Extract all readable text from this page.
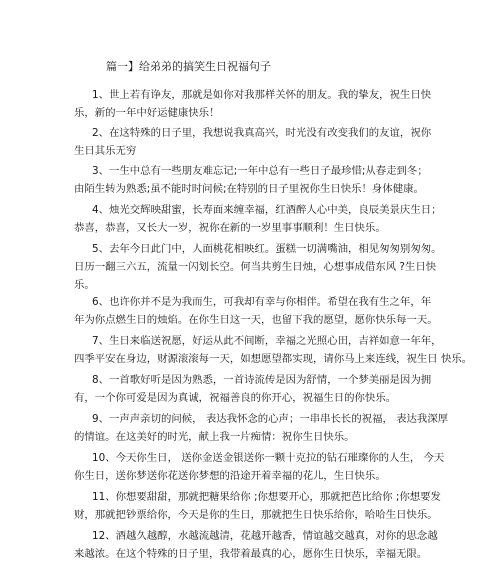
篇一】给弟弟的搞笑生日祝福句子
1、世上若有诤友，那就是如你对我那样关怀的朋友。我的挚友，祝生日快
乐，新的一年中好运健康快乐！
2、在这特殊的日子里，我想说我真高兴，时光没有改变我们的友谊，祝你
生日其乐无穷
3、一生中总有一些朋友难忘记;一年中总有一些日子最珍惜;从春走到冬；
由陌生转为熟悉;虽不能时时问候;在特别的日子里祝你生日快乐！身体健康。
4、烛光交辉映甜蜜，长寿面来缠幸福，红酒醉人心中美，良辰美景庆生日；
恭喜，恭喜，又长大一岁，祝你在新的一岁里事事顺利！生日快乐。
5、去年今日此门中，人面桃花相映红。蛋糕一切满嘴油，相见匆匆别匆匆。
日历一翻三六五，流量一闪划长空。何当共剪生日烛，心想事成借东风 ?生日快
乐。
6、也许你并不是为我而生，可我却有幸与你相伴。希望在我有生之年，年
年为你点燃生日的烛焰。在你生日这一天，也留下我的愿望，愿你快乐每一天。
7、生日来临送祝愿，好运从此不间断，幸福之光照心田，吉祥如意一年年，
四季平安在身边，财源滚滚每一天，如想愿望都实现，请你马上来连线，祝生日 快乐。
8、一首歌好听是因为熟悉，一首诗流传是因为舒情，一个梦美丽是因为拥
有，一个你可爱是因为真诚，祝福善良的你开心，祝福生日的你快乐。
9、一声声亲切的问候， 表达我怀念的心声；一串串长长的祝福， 表达我深厚
的情谊。在这美好的时光，献上我一片痴情：祝你生日快乐。
10、今天你生日， 送你金送金银送你一颗十克拉的钻石璀璨你的人生， 今天
你生日，送你梦送你花送你梦想的沿途开着幸福的花儿，生日快乐。
11、你想要甜甜，那就把糖果给你 ;你想要开心，那就把芭比给你 ;你想要发
财，那就把钞票给你，今天是你的生日，那就把生日快乐给你，哈哈生日快乐。
12、酒越久越醇，水越流越清，花越开越香，情谊越交越真，对你的思念越
来越浓。在这个特殊的日子里，我带着最真的心，愿你生日快乐，幸福无限。
